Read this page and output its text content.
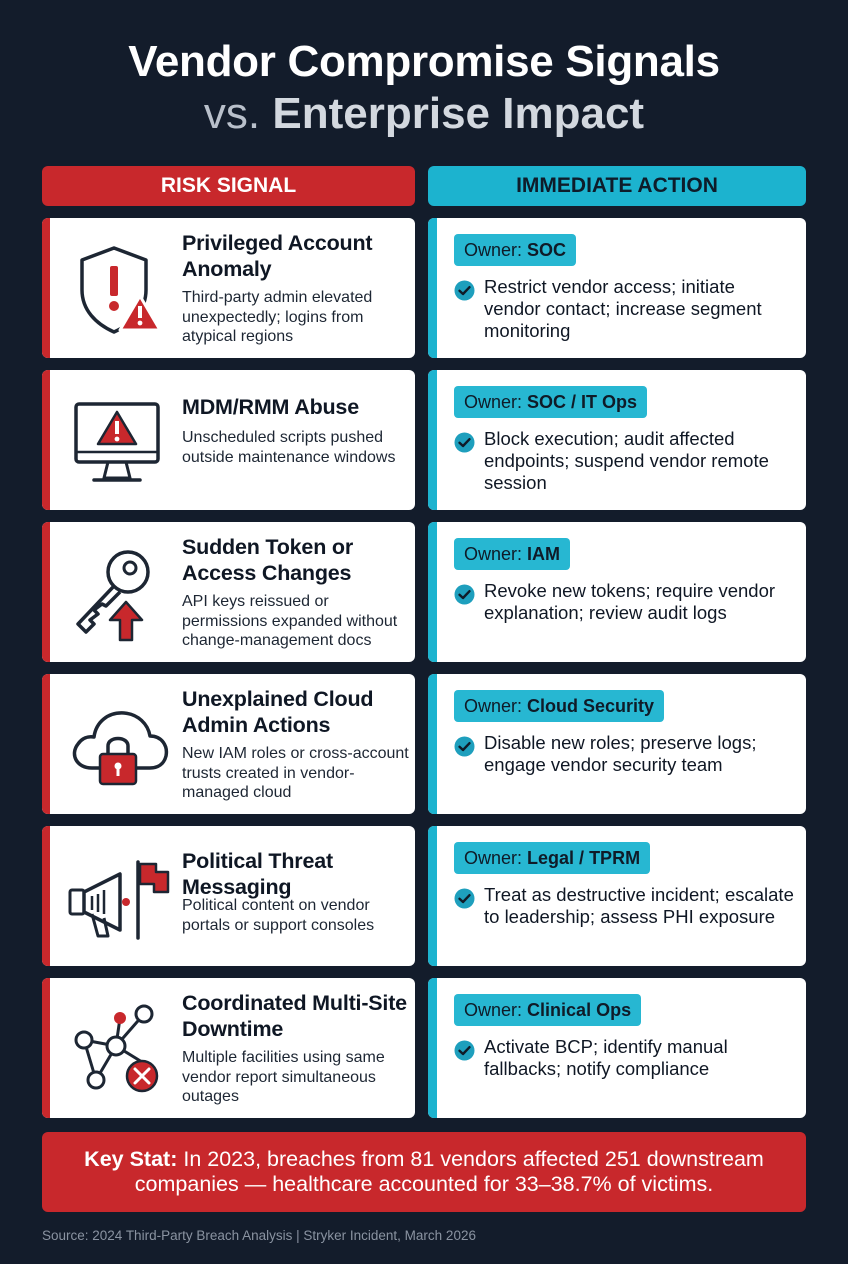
Vendor Compromise Signals
vs. Enterprise Impact
RISK SIGNAL	IMMEDIATE ACTION
Privileged Account Anomaly
Third-party admin elevated unexpectedly; logins from atypical regions
Owner: SOC
Restrict vendor access; initiate vendor contact; increase segment monitoring
MDM/RMM Abuse
Unscheduled scripts pushed outside maintenance windows
Owner: SOC / IT Ops
Block execution; audit affected endpoints; suspend vendor remote session
Sudden Token or Access Changes
API keys reissued or permissions expanded without change-management docs
Owner: IAM
Revoke new tokens; require vendor explanation; review audit logs
Unexplained Cloud Admin Actions
New IAM roles or cross-account trusts created in vendor-managed cloud
Owner: Cloud Security
Disable new roles; preserve logs; engage vendor security team
Political Threat Messaging
Political content on vendor portals or support consoles
Owner: Legal / TPRM
Treat as destructive incident; escalate to leadership; assess PHI exposure
Coordinated Multi-Site Downtime
Multiple facilities using same vendor report simultaneous outages
Owner: Clinical Ops
Activate BCP; identify manual fallbacks; notify compliance
Key Stat: In 2023, breaches from 81 vendors affected 251 downstream companies — healthcare accounted for 33–38.7% of victims.
Source: 2024 Third-Party Breach Analysis | Stryker Incident, March 2026
